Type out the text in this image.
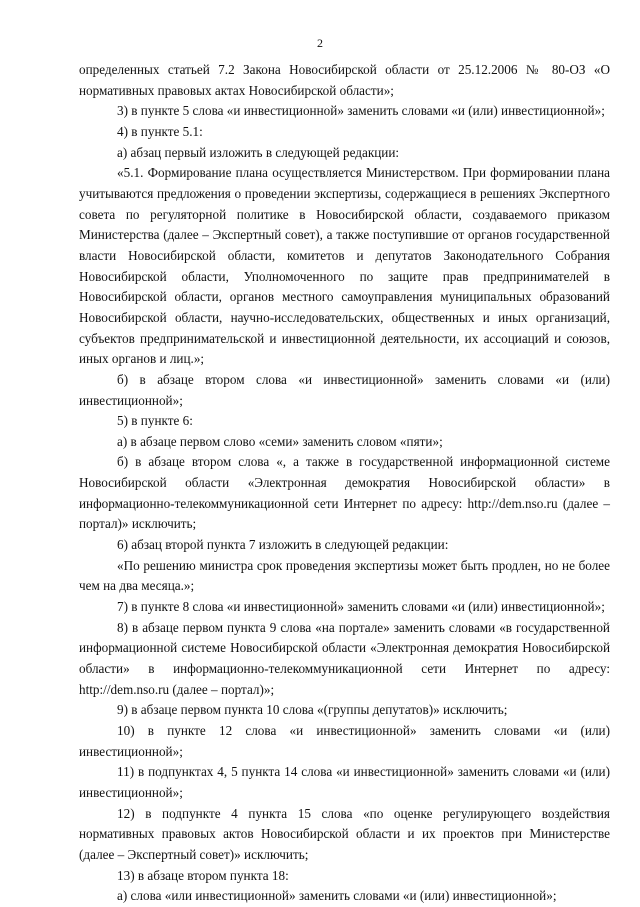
2

определенных статьей 7.2 Закона Новосибирской области от 25.12.2006 № 80-ОЗ «О нормативных правовых актах Новосибирской области»;

3) в пункте 5 слова «и инвестиционной» заменить словами «и (или) инвестиционной»;

4) в пункте 5.1:

а) абзац первый изложить в следующей редакции:

«5.1. Формирование плана осуществляется Министерством. При формировании плана учитываются предложения о проведении экспертизы, содержащиеся в решениях Экспертного совета по регуляторной политике в Новосибирской области, создаваемого приказом Министерства (далее – Экспертный совет), а также поступившие от органов государственной власти Новосибирской области, комитетов и депутатов Законодательного Собрания Новосибирской области, Уполномоченного по защите прав предпринимателей в Новосибирской области, органов местного самоуправления муниципальных образований Новосибирской области, научно-исследовательских, общественных и иных организаций, субъектов предпринимательской и инвестиционной деятельности, их ассоциаций и союзов, иных органов и лиц.»;

б) в абзаце втором слова «и инвестиционной» заменить словами «и (или) инвестиционной»;

5) в пункте 6:

а) в абзаце первом слово «семи» заменить словом «пяти»;

б) в абзаце втором слова «, а также в государственной информационной системе Новосибирской области «Электронная демократия Новосибирской области» в информационно-телекоммуникационной сети Интернет по адресу: http://dem.nso.ru (далее – портал)» исключить;

6) абзац второй пункта 7 изложить в следующей редакции:

«По решению министра срок проведения экспертизы может быть продлен, но не более чем на два месяца.»;

7) в пункте 8 слова «и инвестиционной» заменить словами «и (или) инвестиционной»;

8) в абзаце первом пункта 9 слова «на портале» заменить словами «в государственной информационной системе Новосибирской области «Электронная демократия Новосибирской области» в информационно-телекоммуникационной сети Интернет по адресу: http://dem.nso.ru (далее – портал)»;

9) в абзаце первом пункта 10 слова «(группы депутатов)» исключить;

10) в пункте 12 слова «и инвестиционной» заменить словами «и (или) инвестиционной»;

11) в подпунктах 4, 5 пункта 14 слова «и инвестиционной» заменить словами «и (или) инвестиционной»;

12) в подпункте 4 пункта 15 слова «по оценке регулирующего воздействия нормативных правовых актов Новосибирской области и их проектов при Министерстве (далее – Экспертный совет)» исключить;

13) в абзаце втором пункта 18:

а) слова «или инвестиционной» заменить словами «и (или) инвестиционной»;
